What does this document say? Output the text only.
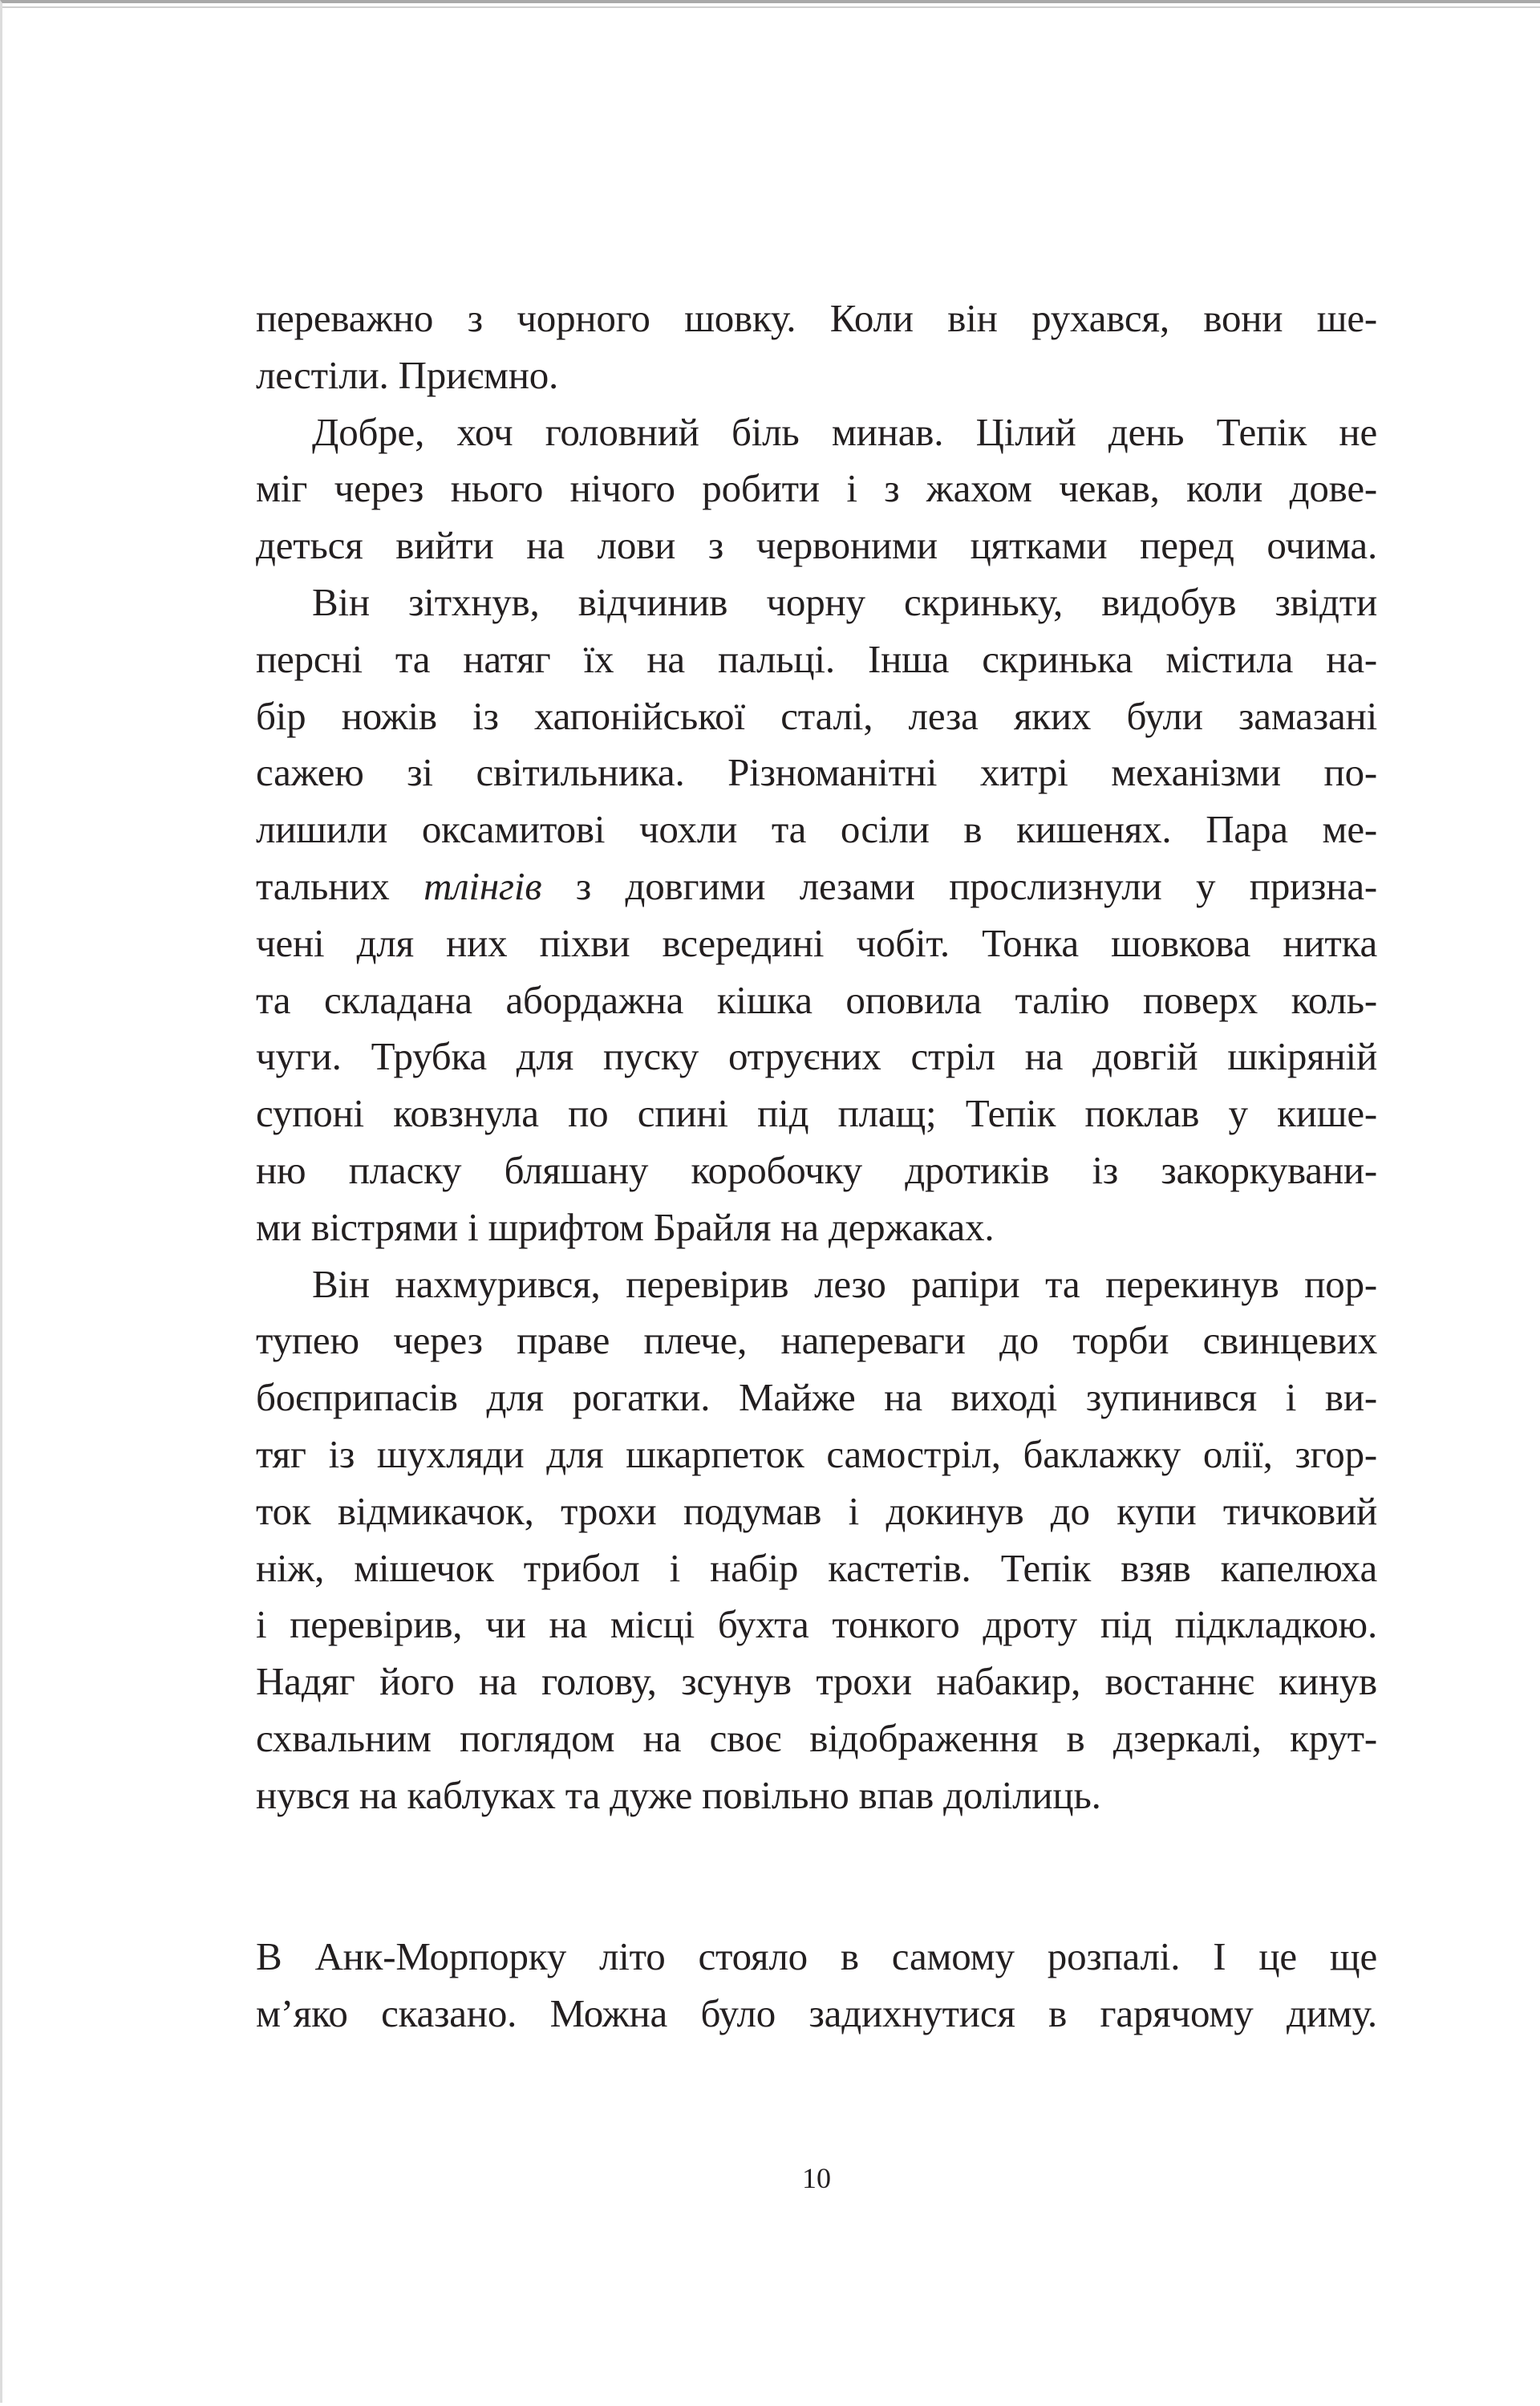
переважно з чорного шовку. Коли він рухався, вони ше-
лестіли. Приємно.
Добре, хоч головний біль минав. Цілий день Тепік не
міг через нього нічого робити і з жахом чекав, коли дове-
деться вийти на лови з червоними цятками перед очима.
Він зітхнув, відчинив чорну скриньку, видобув звідти
персні та натяг їх на пальці. Інша скринька містила на-
бір ножів із хапонійської сталі, леза яких були замазані
сажею зі світильника. Різноманітні хитрі механізми по-
лишили оксамитові чохли та осіли в кишенях. Пара ме-
тальних тлінгів з довгими лезами прослизнули у призна-
чені для них піхви всередині чобіт. Тонка шовкова нитка
та складана абордажна кішка оповила талію поверх коль-
чуги. Трубка для пуску отруєних стріл на довгій шкіряній
супоні ковзнула по спині під плащ; Тепік поклав у кише-
ню пласку бляшану коробочку дротиків із закоркувани-
ми вістрями і шрифтом Брайля на держаках.
Він нахмурився, перевірив лезо рапіри та перекинув пор-
тупею через праве плече, напереваги до торби свинцевих
боєприпасів для рогатки. Майже на виході зупинився і ви-
тяг із шухляди для шкарпеток самостріл, баклажку олії, згор-
ток відмикачок, трохи подумав і докинув до купи тичковий
ніж, мішечок трибол і набір кастетів. Тепік взяв капелюха
і перевірив, чи на місці бухта тонкого дроту під підкладкою.
Надяг його на голову, зсунув трохи набакир, востаннє кинув
схвальним поглядом на своє відображення в дзеркалі, крут-
нувся на каблуках та дуже повільно впав долілиць.
В Анк-Морпорку літо стояло в самому розпалі. І це ще
м’яко сказано. Можна було задихнутися в гарячому диму.
10
